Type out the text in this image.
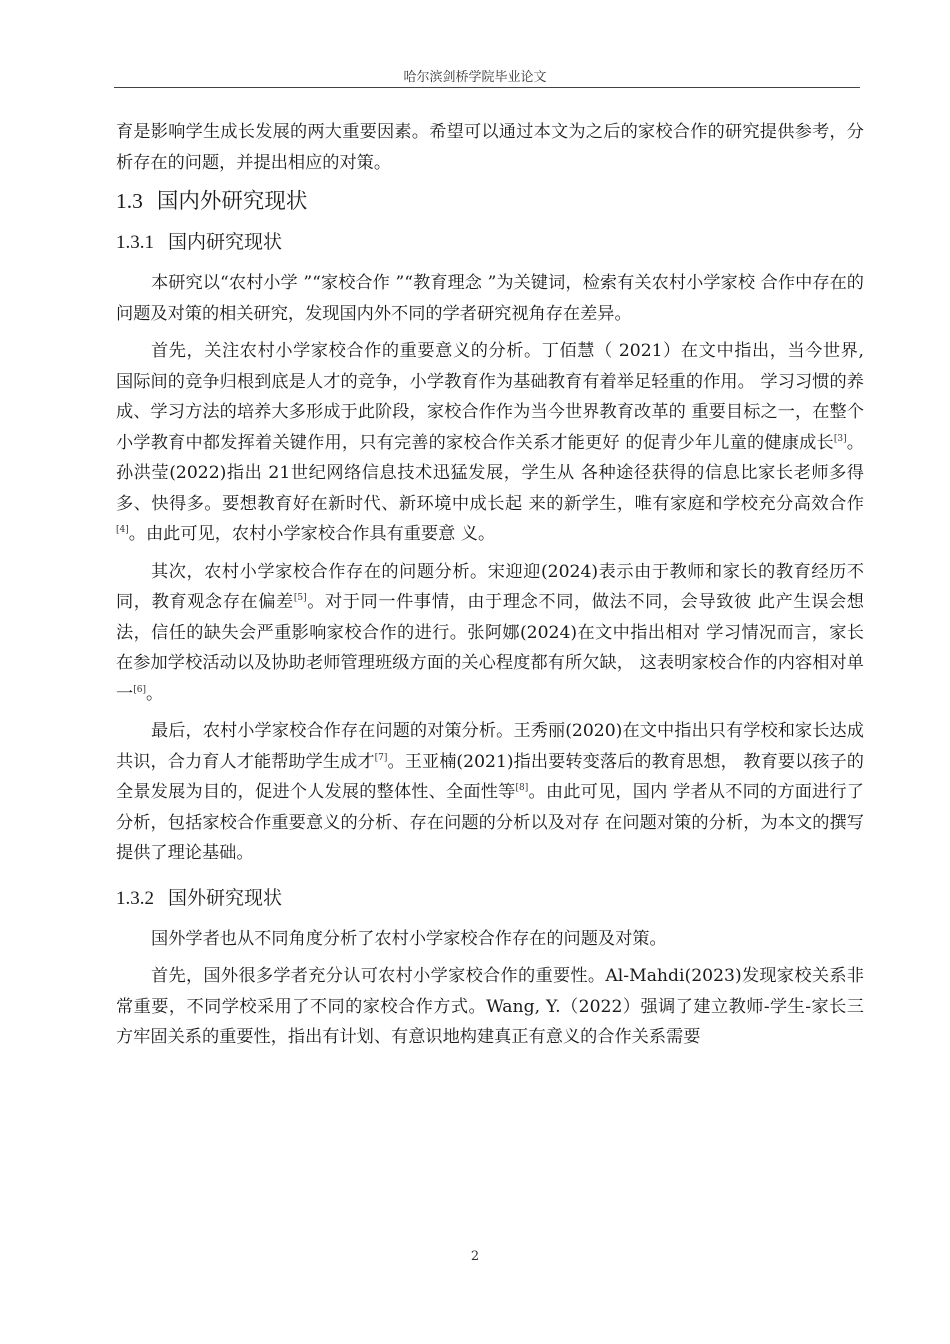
哈尔滨剑桥学院毕业论文

育是影响学生成长发展的两大重要因素。希望可以通过本文为之后的家校合作的研究提供参考，分析存在的问题，并提出相应的对策。

1.3 国内外研究现状
1.3.1 国内研究现状

本研究以“农村小学 ”“家校合作 ”“教育理念 ”为关键词，检索有关农村小学家校 合作中存在的问题及对策的相关研究，发现国内外不同的学者研究视角存在差异。

首先，关注农村小学家校合作的重要意义的分析。丁佰慧（ 2021）在文中指出，当今世界, 国际间的竞争归根到底是人才的竞争，小学教育作为基础教育有着举足轻重的作用。 学习习惯的养成、学习方法的培养大多形成于此阶段，家校合作作为当今世界教育改革的 重要目标之一，在整个小学教育中都发挥着关键作用，只有完善的家校合作关系才能更好 的促青少年儿童的健康成长[3]。孙洪莹(2022)指出 21世纪网络信息技术迅猛发展，学生从 各种途径获得的信息比家长老师多得多、快得多。要想教育好在新时代、新环境中成长起 来的新学生，唯有家庭和学校充分高效合作[4]。由此可见，农村小学家校合作具有重要意 义。

其次，农村小学家校合作存在的问题分析。宋迎迎(2024)表示由于教师和家长的教育经历不同，教育观念存在偏差[5]。对于同一件事情，由于理念不同，做法不同，会导致彼 此产生误会想法，信任的缺失会严重影响家校合作的进行。张阿娜(2024)在文中指出相对 学习情况而言，家长在参加学校活动以及协助老师管理班级方面的关心程度都有所欠缺， 这表明家校合作的内容相对单一[6]。

最后，农村小学家校合作存在问题的对策分析。王秀丽(2020)在文中指出只有学校和家长达成共识，合力育人才能帮助学生成才[7]。王亚楠(2021)指出要转变落后的教育思想， 教育要以孩子的全景发展为目的，促进个人发展的整体性、全面性等[8]。由此可见，国内 学者从不同的方面进行了分析，包括家校合作重要意义的分析、存在问题的分析以及对存 在问题对策的分析，为本文的撰写提供了理论基础。

1.3.2 国外研究现状

国外学者也从不同角度分析了农村小学家校合作存在的问题及对策。

首先，国外很多学者充分认可农村小学家校合作的重要性。Al-Mahdi(2023)发现家校关系非常重要，不同学校采用了不同的家校合作方式。Wang, Y.（2022）强调了建立教师-学生-家长三方牢固关系的重要性，指出有计划、有意识地构建真正有意义的合作关系需要

2
